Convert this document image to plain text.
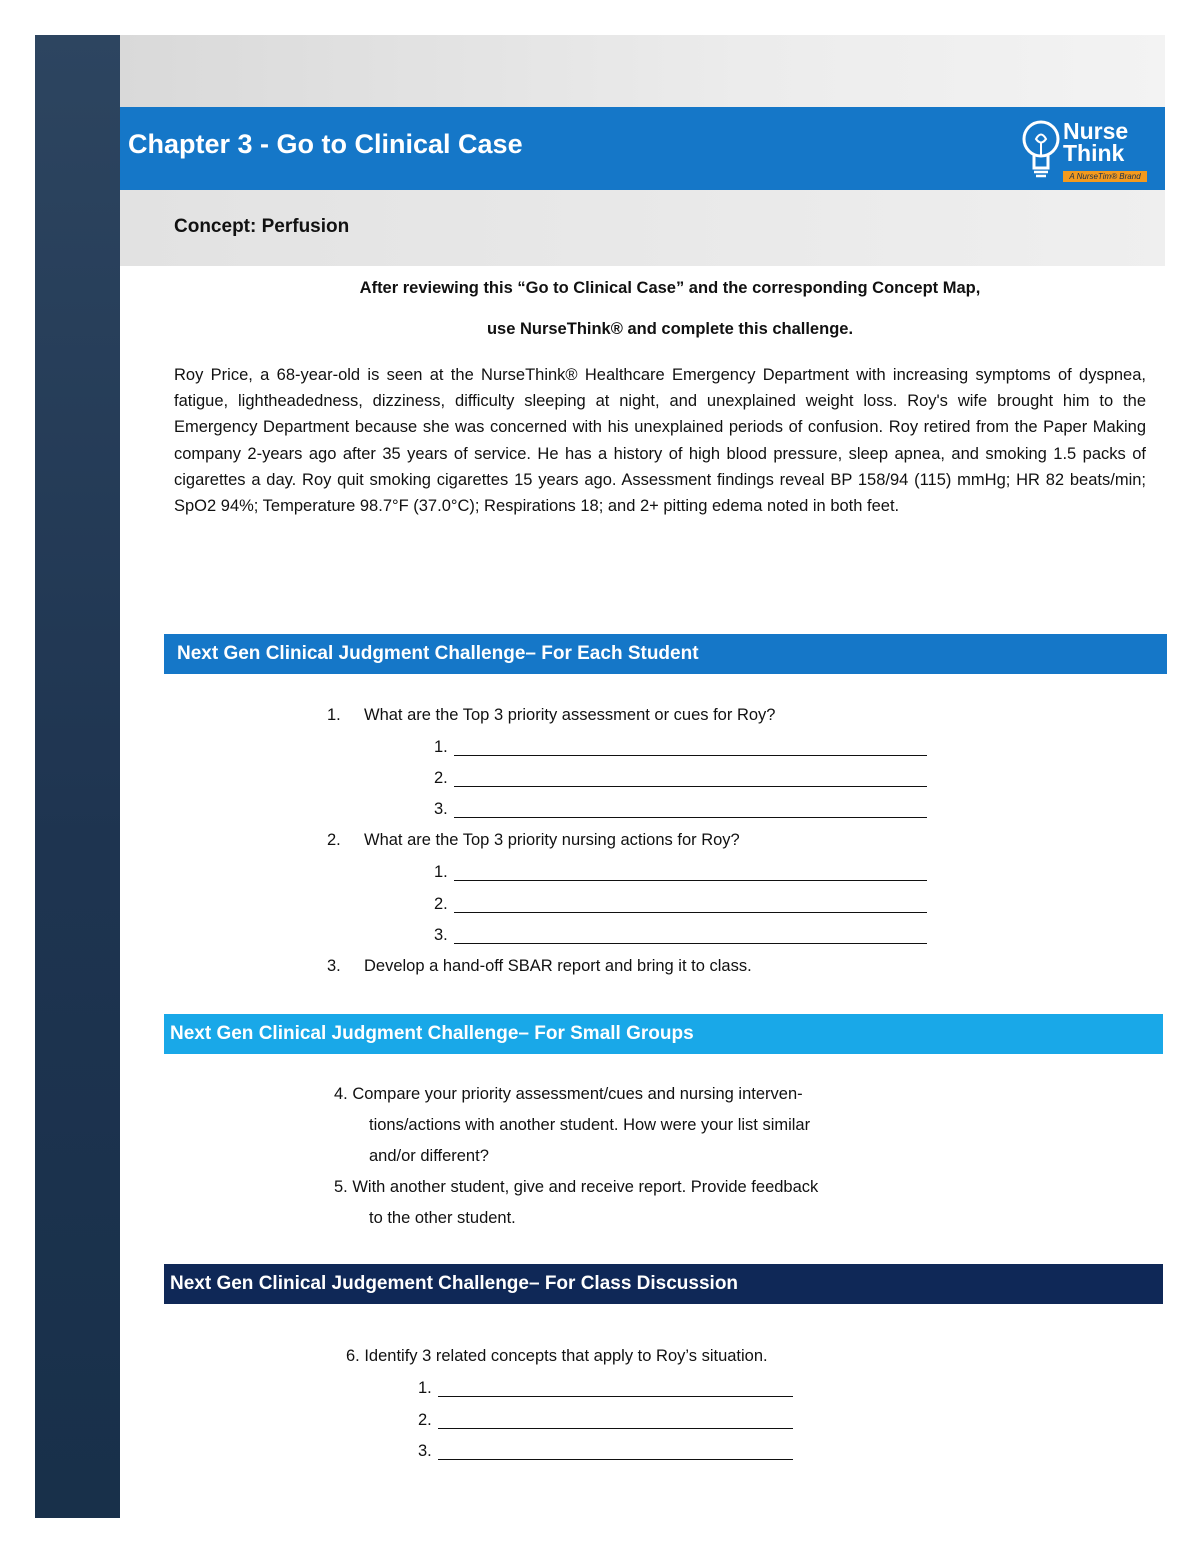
Chapter 3 - Go to Clinical Case	Nurse
Think
A NurseTim® Brand
Concept: Perfusion
After reviewing this “Go to Clinical Case” and the corresponding Concept Map,
use NurseThink® and complete this challenge.
Roy Price, a 68-year-old is seen at the NurseThink® Healthcare Emergency Department with increasing symptoms of dyspnea, fatigue, lightheadedness, dizziness, difficulty sleeping at night, and unexplained weight loss. Roy's wife brought him to the Emergency Department because she was concerned with his unexplained periods of confusion. Roy retired from the Paper Making company 2-years ago after 35 years of service. He has a history of high blood pressure, sleep apnea, and smoking 1.5 packs of cigarettes a day. Roy quit smoking cigarettes 15 years ago. Assessment findings reveal BP 158/94 (115) mmHg; HR 82 beats/min; SpO2 94%; Temperature 98.7°F (37.0°C); Respirations 18; and 2+ pitting edema noted in both feet.
Next Gen Clinical Judgment Challenge– For Each Student
1. What are the Top 3 priority assessment or cues for Roy?
1.
2.
3.
2. What are the Top 3 priority nursing actions for Roy?
1.
2.
3.
3. Develop a hand-off SBAR report and bring it to class.
Next Gen Clinical Judgment Challenge– For Small Groups
4. Compare your priority assessment/cues and nursing interven-
tions/actions with another student. How were your list similar
and/or different?
5. With another student, give and receive report. Provide feedback
to the other student.
Next Gen Clinical Judgement Challenge– For Class Discussion
6. Identify 3 related concepts that apply to Roy’s situation.
1.
2.
3.
